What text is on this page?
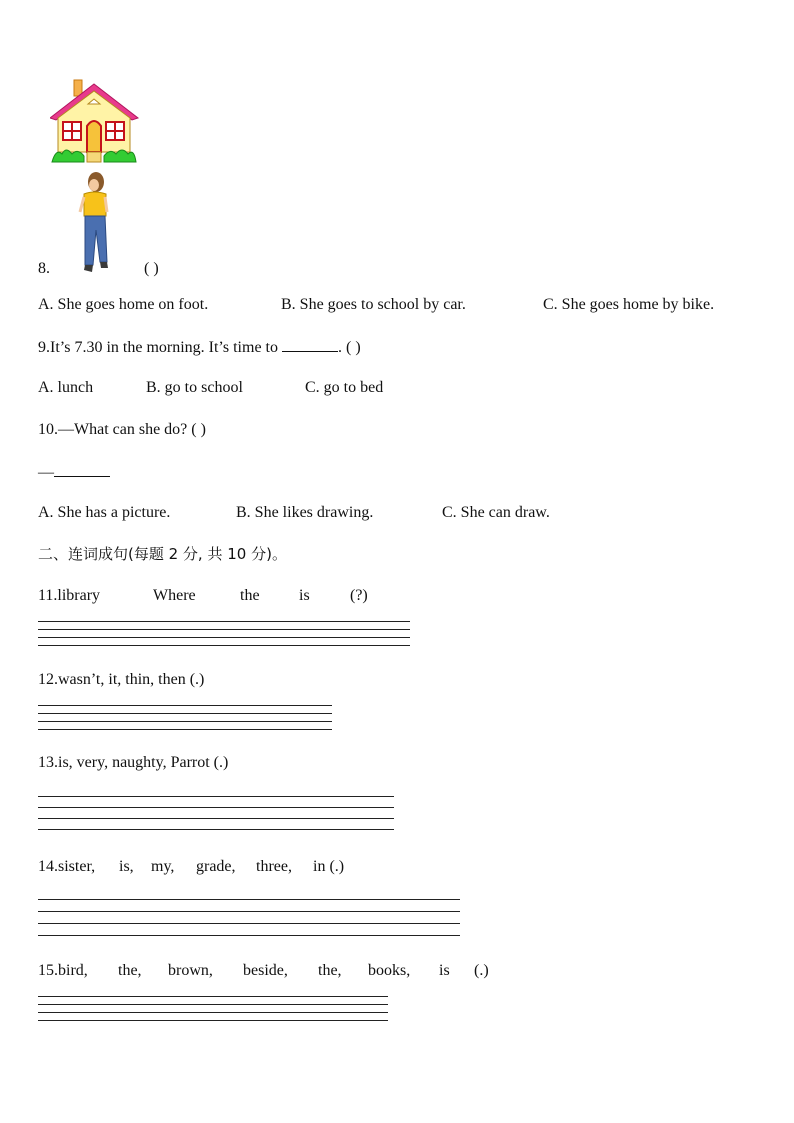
8.	( )
A. She goes home on foot.	B. She goes to school by car.	C. She goes home by bike.
9.It’s 7.30 in the morning. It’s time to	. ( )
A. lunch	B. go to school	C. go to bed
10.—What can she do? ( )
—
A. She has a picture.	B. She likes drawing.	C. She can draw.
二、连词成句(每题 2 分, 共 10 分)。
11.library	Where	the is	(?)
12.wasn’t, it, thin, then (.)
13.is, very, naughty, Parrot (.)
14.sister, is, my, grade, three, in (.)
15.bird, the, brown, beside, the, books, is (.)
